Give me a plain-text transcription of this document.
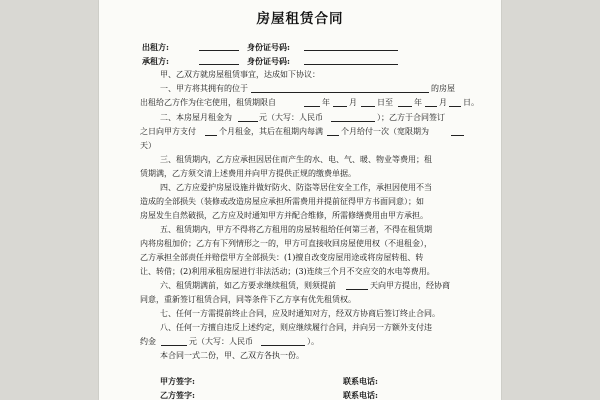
房屋租赁合同
出租方:	身份证号码:
承租方:	身份证号码:
甲、乙双方就房屋租赁事宜，达成如下协议：
一、甲方将其拥有的位于	的房屋
出租给乙方作为住宅使用，租赁期限自	年 月	日至	年 月 日。
二、本房屋月租金为	元（大写：人民币	）；乙方于合同签订
之日向甲方支付	个月租金，其后在租期内每满 个月给付一次（宽限期为
天）
三、租赁期内，乙方应承担因居住而产生的水、电、气、暖、物业等费用；租
赁期满，乙方须交清上述费用并向甲方提供正规的缴费单据。
四、乙方应爱护房屋设施并做好防火、防盗等居住安全工作，承担因使用不当
造成的全部损失（装修或改造房屋应承担所需费用并提前征得甲方书面同意）；如
房屋发生自然破损，乙方应及时通知甲方并配合维修，所需修缮费用由甲方承担。
五、租赁期内，甲方不得将乙方租用的房屋转租给任何第三者，不得在租赁期
内将房租加价；乙方有下列情形之一的，甲方可直接收回房屋使用权（不退租金），
乙方承担全部责任并赔偿甲方全部损失：(1)擅自改变房屋用途或将房屋转租、转
让、转借；(2)利用承租房屋进行非法活动；(3)连续三个月不交应交的水电等费用。
六、租赁期满前，如乙方要求继续租赁，则须提前	天向甲方提出，经协商
同意，重新签订租赁合同，同等条件下乙方享有优先租赁权。
七、任何一方需提前终止合同，应及时通知对方，经双方协商后签订终止合同。
八、任何一方擅自违反上述约定，则应继续履行合同，并向另一方额外支付违
约金	元（大写：人民币	）。
本合同一式二份，甲、乙双方各执一份。
甲方签字:	联系电话:
乙方签字:	联系电话:
